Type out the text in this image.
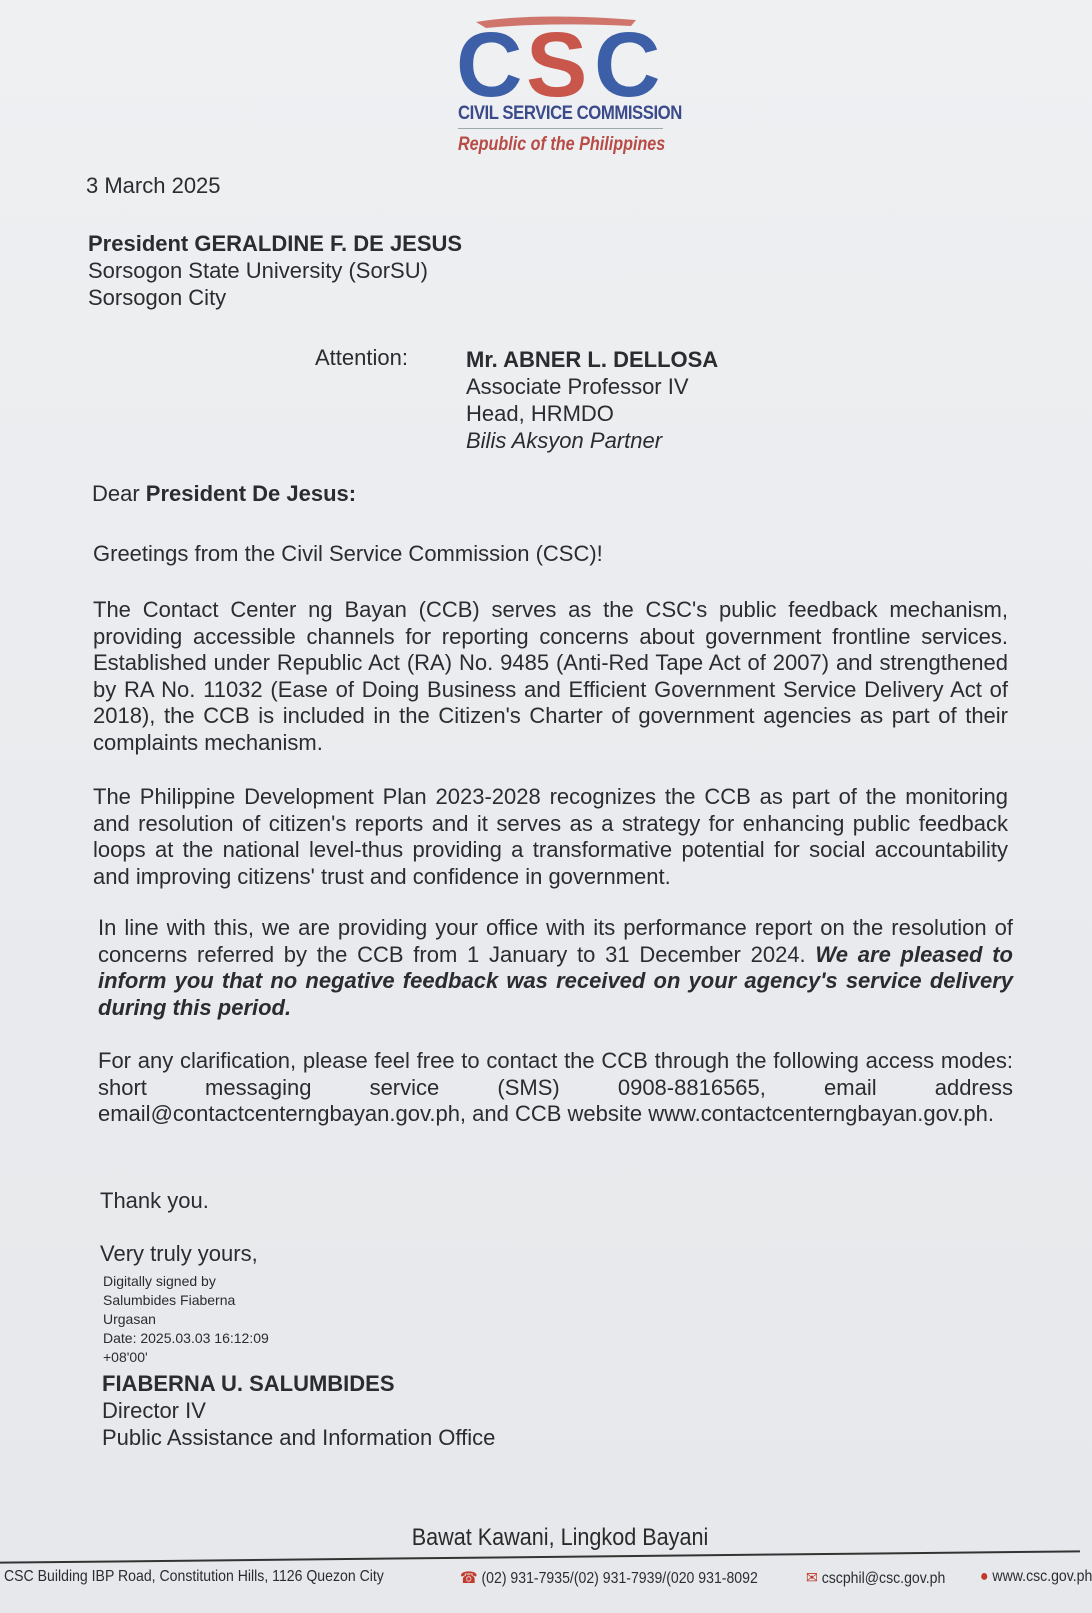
C S C
CIVIL SERVICE COMMISSION
Republic of the Philippines
3 March 2025
President GERALDINE F. DE JESUS
Sorsogon State University (SorSU)
Sorsogon City
Attention:	Mr. ABNER L. DELLOSA
Associate Professor IV
Head, HRMDO
Bilis Aksyon Partner
Dear President De Jesus:
Greetings from the Civil Service Commission (CSC)!
The Contact Center ng Bayan (CCB) serves as the CSC's public feedback mechanism, providing accessible channels for reporting concerns about government frontline services. Established under Republic Act (RA) No. 9485 (Anti-Red Tape Act of 2007) and strengthened by RA No. 11032 (Ease of Doing Business and Efficient Government Service Delivery Act of 2018), the CCB is included in the Citizen's Charter of government agencies as part of their complaints mechanism.
The Philippine Development Plan 2023-2028 recognizes the CCB as part of the monitoring and resolution of citizen's reports and it serves as a strategy for enhancing public feedback loops at the national level-thus providing a transformative potential for social accountability and improving citizens' trust and confidence in government.
In line with this, we are providing your office with its performance report on the resolution of concerns referred by the CCB from 1 January to 31 December 2024. We are pleased to inform you that no negative feedback was received on your agency's service delivery during this period.
For any clarification, please feel free to contact the CCB through the following access modes: short messaging service (SMS) 0908-8816565, email address email@contactcenterngbayan.gov.ph, and CCB website www.contactcenterngbayan.gov.ph.
Thank you.
Very truly yours,
Digitally signed by
Salumbides Fiaberna
Urgasan
Date: 2025.03.03 16:12:09
+08'00'
FIABERNA U. SALUMBIDES
Director IV
Public Assistance and Information Office
Bawat Kawani, Lingkod Bayani
CSC Building IBP Road, Constitution Hills, 1126 Quezon City	☎ (02) 931-7935/(02) 931-7939/(020 931-8092	✉ cscphil@csc.gov.ph ● www.csc.gov.ph
